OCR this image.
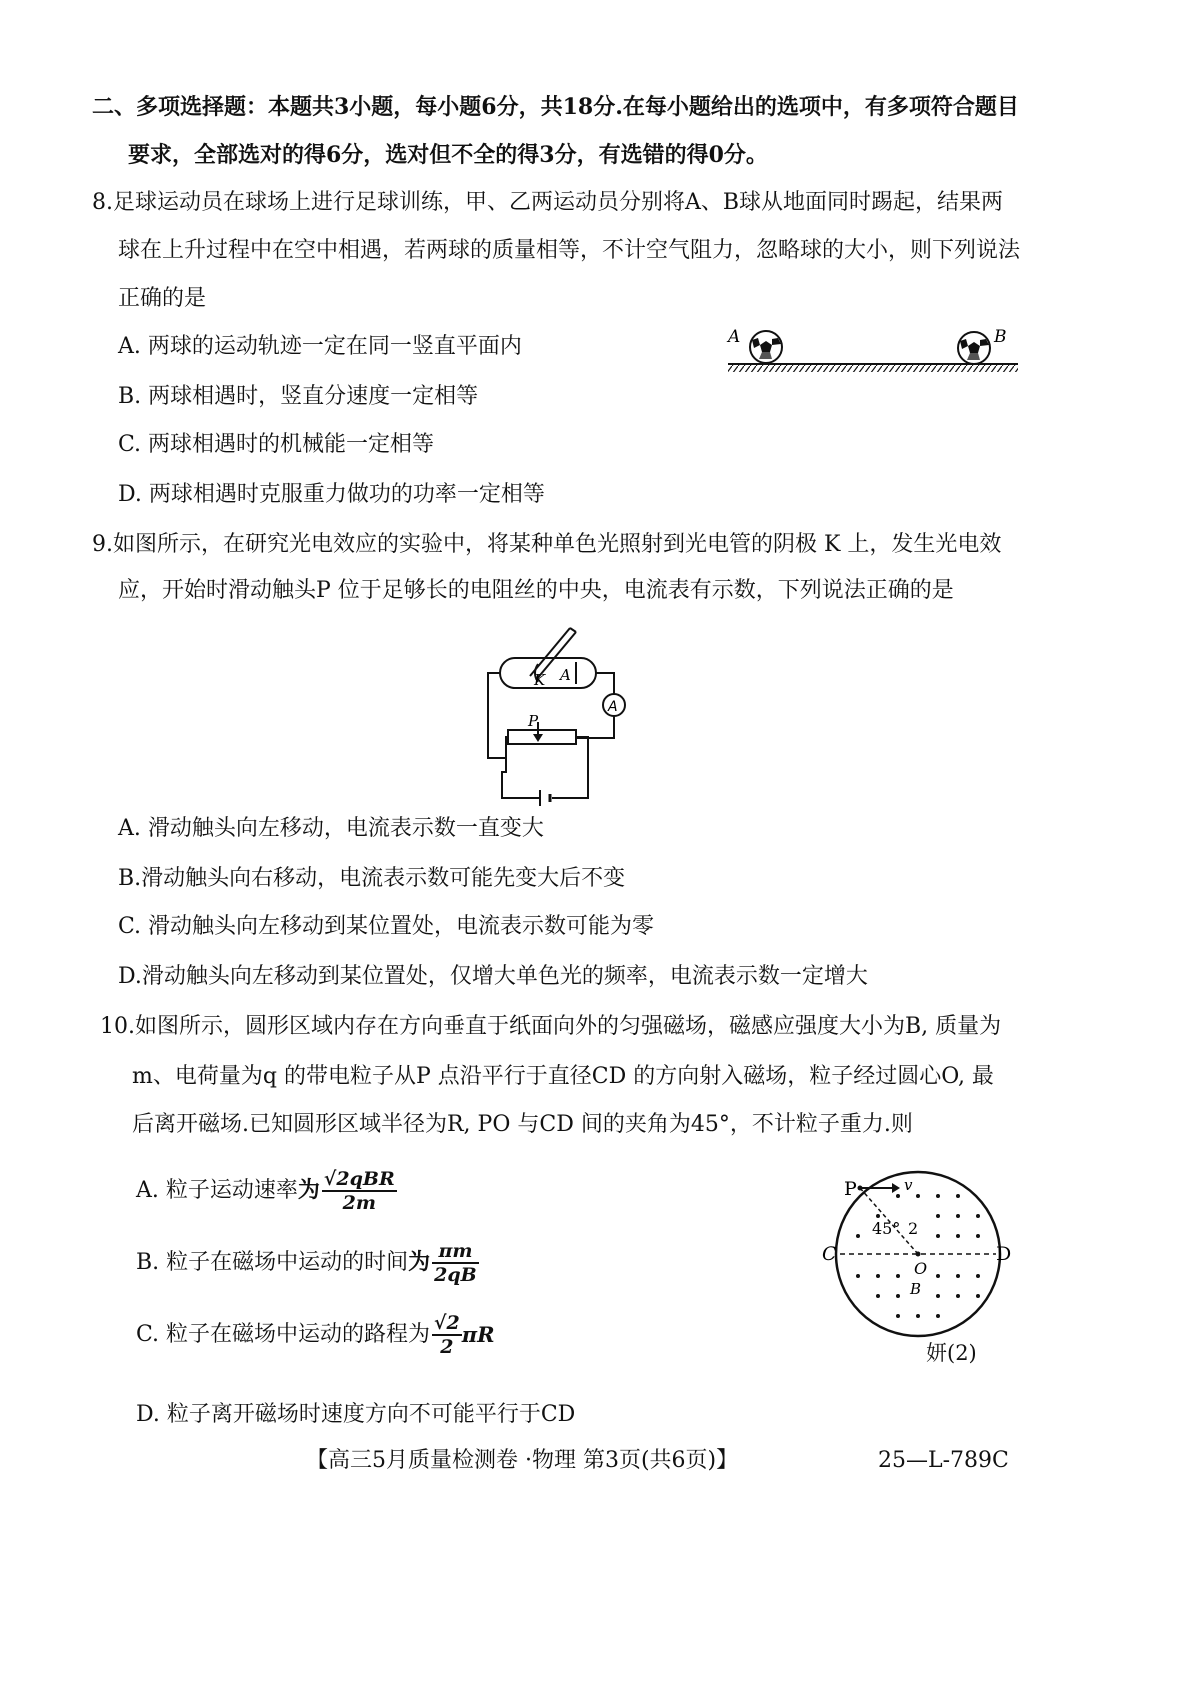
二、多项选择题：本题共3小题，每小题6分，共18分.在每小题给出的选项中，有多项符合题目
要求，全部选对的得6分，选对但不全的得3分，有选错的得0分。
8.足球运动员在球场上进行足球训练，甲、乙两运动员分别将A、B球从地面同时踢起，结果两
球在上升过程中在空中相遇，若两球的质量相等，不计空气阻力，忽略球的大小，则下列说法
正确的是
A. 两球的运动轨迹一定在同一竖直平面内
B. 两球相遇时，竖直分速度一定相等
C. 两球相遇时的机械能一定相等
D. 两球相遇时克服重力做功的功率一定相等
A	B
9.如图所示，在研究光电效应的实验中，将某种单色光照射到光电管的阴极 K 上，发生光电效
应，开始时滑动触头P 位于足够长的电阻丝的中央，电流表有示数，下列说法正确的是
K A
A
P
A. 滑动触头向左移动，电流表示数一直变大
B.滑动触头向右移动，电流表示数可能先变大后不变
C. 滑动触头向左移动到某位置处，电流表示数可能为零
D.滑动触头向左移动到某位置处，仅增大单色光的频率，电流表示数一定增大
10.如图所示，圆形区域内存在方向垂直于纸面向外的匀强磁场，磁感应强度大小为B, 质量为
m、电荷量为q 的带电粒子从P 点沿平行于直径CD 的方向射入磁场，粒子经过圆心O, 最
后离开磁场.已知圆形区域半径为R, PO 与CD 间的夹角为45°，不计粒子重力.则
A. 粒子运动速率为 $\frac{\text{√2qBR}}{2m}$
B. 粒子在磁场中运动的时间为 $\frac{\pi m}{2qB}$
C. 粒子在磁场中运动的路程为 $\frac{√2}{2}$ πR
D. 粒子离开磁场时速度方向不可能平行于CD
P	v
45° 2
C
O
D
B
妍(2)
【高三5月质量检测卷 ·物理 第3页(共6页)】	25—L-789C
